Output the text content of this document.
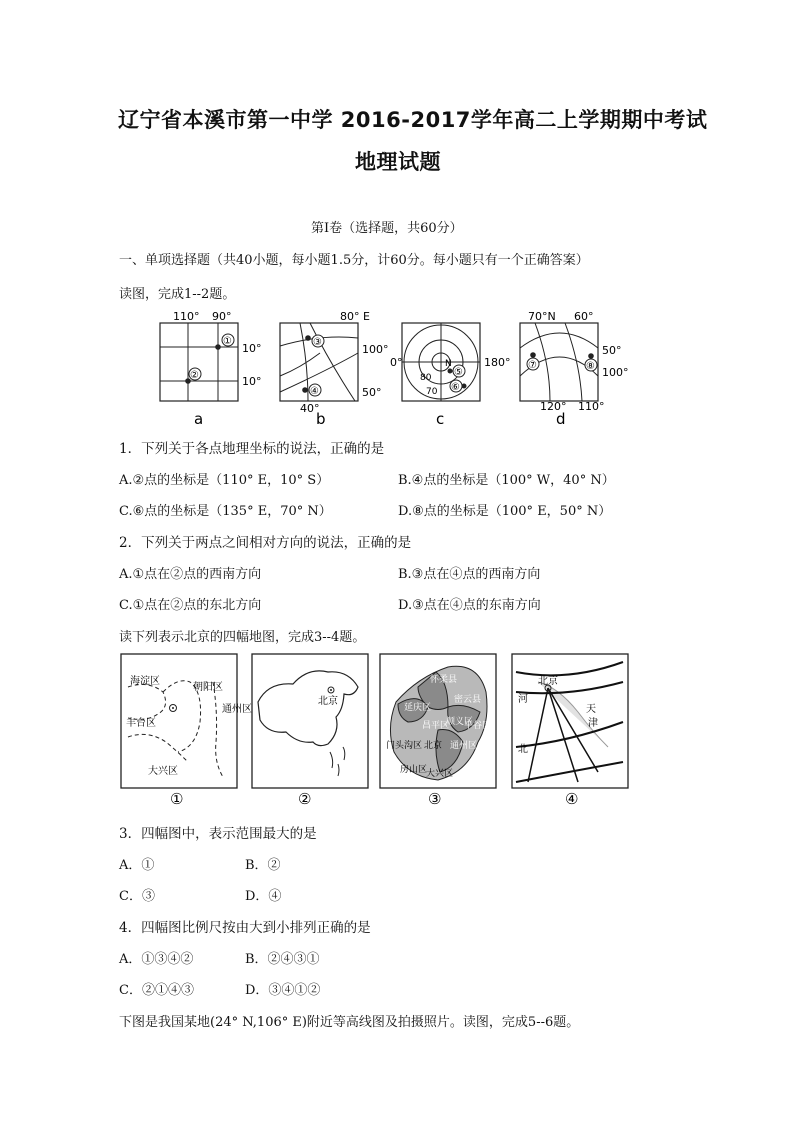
辽宁省本溪市第一中学 2016-2017学年高二上学期期中考试
地理试题
第Ⅰ卷（选择题，共60分）
一、单项选择题（共40小题，每小题1.5分，计60分。每小题只有一个正确答案）
读图，完成1--2题。
110° 90°
10°
10°
①
②
80° E
100°
50°
40°
③
④
0°	180°
N
80
70
⑤
⑥
70°N 60°
50°
100°
120° 110°
⑦	⑧
a	b	c	d
1．下列关于各点地理坐标的说法，正确的是
A.②点的坐标是（110° E，10° S）	B.④点的坐标是（100° W，40° N）
C.⑥点的坐标是（135° E，70° N）	D.⑧点的坐标是（100° E，50° N）
2．下列关于两点之间相对方向的说法，正确的是
A.①点在②点的西南方向	B.③点在④点的西南方向
C.①点在②点的东北方向	D.③点在④点的东南方向
读下列表示北京的四幅地图，完成3--4题。
海淀区
朝阳区
丰台区
通州区
大兴区
北京
怀柔县
延庆区
密云县
昌平区
顺义区
平谷区
门头沟区 北京 通州区
房山区
大兴区
北京
河
天
津
北
①	②	③	④
3．四幅图中，表示范围最大的是
A．①	B．②
C．③	D．④
4．四幅图比例尺按由大到小排列正确的是
A．①③④②	B．②④③①
C．②①④③	D．③④①②
下图是我国某地(24° N,106° E)附近等高线图及拍摄照片。读图，完成5--6题。
